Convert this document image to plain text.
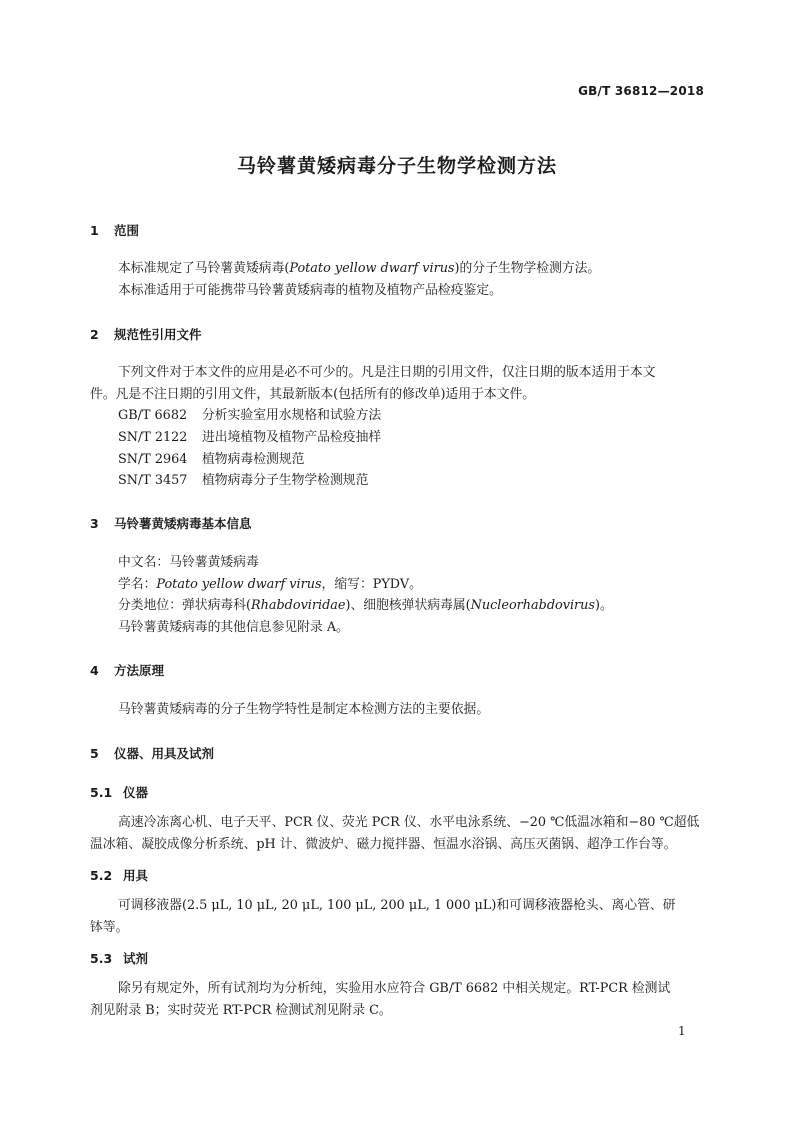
GB/T 36812—2018
马铃薯黄矮病毒分子生物学检测方法
1 范围
本标准规定了马铃薯黄矮病毒(Potato yellow dwarf virus)的分子生物学检测方法。
本标准适用于可能携带马铃薯黄矮病毒的植物及植物产品检疫鉴定。
2 规范性引用文件
下列文件对于本文件的应用是必不可少的。凡是注日期的引用文件，仅注日期的版本适用于本文
件。凡是不注日期的引用文件，其最新版本(包括所有的修改单)适用于本文件。
GB/T 6682 分析实验室用水规格和试验方法
SN/T 2122 进出境植物及植物产品检疫抽样
SN/T 2964 植物病毒检测规范
SN/T 3457 植物病毒分子生物学检测规范
3 马铃薯黄矮病毒基本信息
中文名：马铃薯黄矮病毒
学名：Potato yellow dwarf virus，缩写：PYDV。
分类地位：弹状病毒科(Rhabdoviridae)、细胞核弹状病毒属(Nucleorhabdovirus)。
马铃薯黄矮病毒的其他信息参见附录 A。
4 方法原理
马铃薯黄矮病毒的分子生物学特性是制定本检测方法的主要依据。
5 仪器、用具及试剂
5.1 仪器
高速冷冻离心机、电子天平、PCR 仪、荧光 PCR 仪、水平电泳系统、−20 ℃低温冰箱和−80 ℃超低
温冰箱、凝胶成像分析系统、pH 计、微波炉、磁力搅拌器、恒温水浴锅、高压灭菌锅、超净工作台等。
5.2 用具
可调移液器(2.5 μL, 10 μL, 20 μL, 100 μL, 200 μL, 1 000 μL)和可调移液器枪头、离心管、研
钵等。
5.3 试剂
除另有规定外，所有试剂均为分析纯，实验用水应符合 GB/T 6682 中相关规定。RT-PCR 检测试
剂见附录 B；实时荧光 RT-PCR 检测试剂见附录 C。
1
